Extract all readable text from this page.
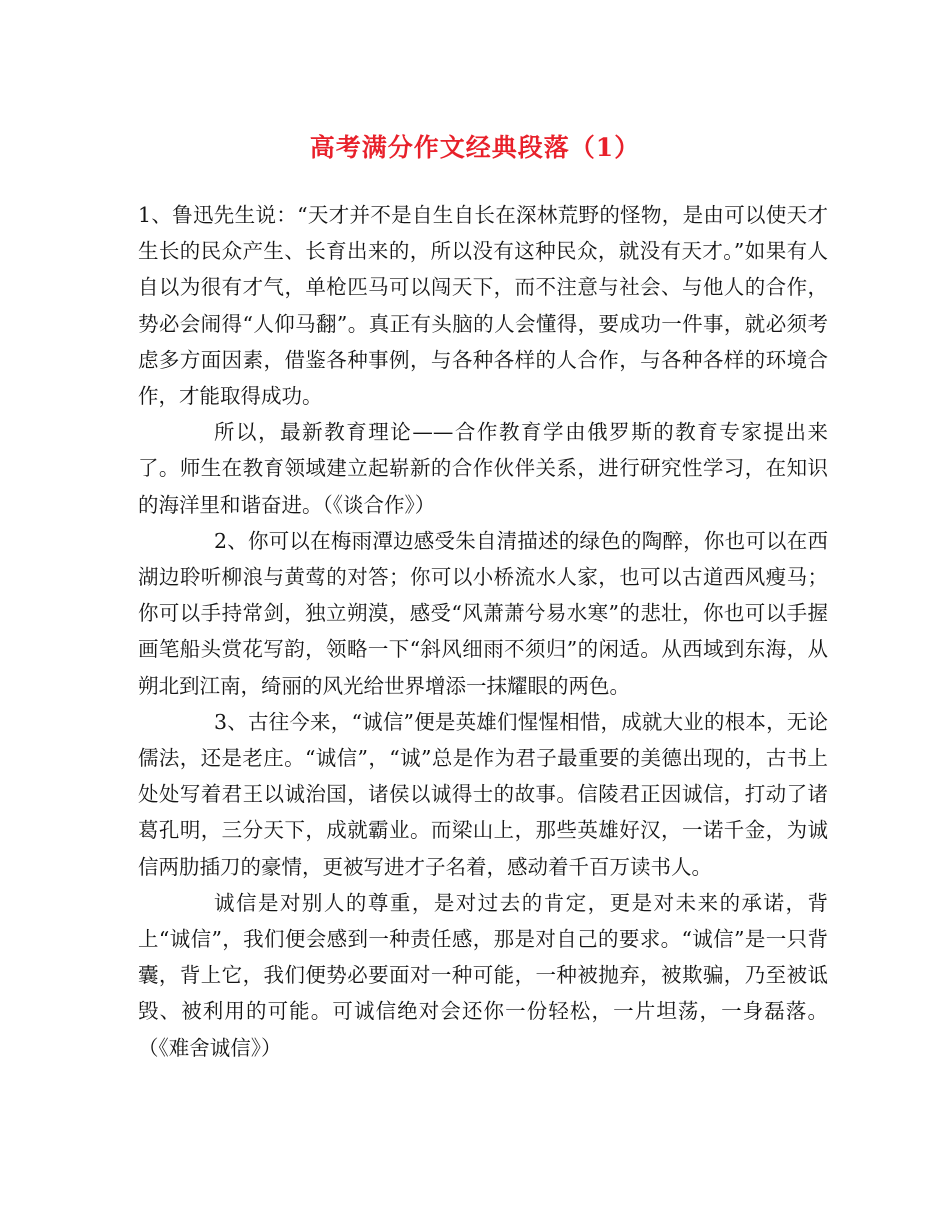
高考满分作文经典段落（1）

1、鲁迅先生说：“天才并不是自生自长在深林荒野的怪物，是由可以使天才生长的民众产生、长育出来的，所以没有这种民众，就没有天才。”如果有人自以为很有才气，单枪匹马可以闯天下，而不注意与社会、与他人的合作，势必会闹得“人仰马翻”。真正有头脑的人会懂得，要成功一件事，就必须考虑多方面因素，借鉴各种事例，与各种各样的人合作，与各种各样的环境合作，才能取得成功。

所以，最新教育理论——合作教育学由俄罗斯的教育专家提出来了。师生在教育领域建立起崭新的合作伙伴关系，进行研究性学习，在知识的海洋里和谐奋进。（《谈合作》）

2、你可以在梅雨潭边感受朱自清描述的绿色的陶醉，你也可以在西湖边聆听柳浪与黄莺的对答；你可以小桥流水人家，也可以古道西风瘦马；你可以手持常剑，独立朔漠，感受“风萧萧兮易水寒”的悲壮，你也可以手握画笔船头赏花写韵，领略一下“斜风细雨不须归”的闲适。从西域到东海，从朔北到江南，绮丽的风光给世界增添一抹耀眼的两色。

3、古往今来，“诚信”便是英雄们惺惺相惜，成就大业的根本，无论儒法，还是老庄。“诚信”，“诚”总是作为君子最重要的美德出现的，古书上处处写着君王以诚治国，诸侯以诚得士的故事。信陵君正因诚信，打动了诸葛孔明，三分天下，成就霸业。而梁山上，那些英雄好汉，一诺千金，为诚信两肋插刀的豪情，更被写进才子名着，感动着千百万读书人。

诚信是对别人的尊重，是对过去的肯定，更是对未来的承诺，背上“诚信”，我们便会感到一种责任感，那是对自己的要求。“诚信”是一只背囊，背上它，我们便势必要面对一种可能，一种被抛弃，被欺骗，乃至被诋毁、被利用的可能。可诚信绝对会还你一份轻松，一片坦荡，一身磊落。（《难舍诚信》）
